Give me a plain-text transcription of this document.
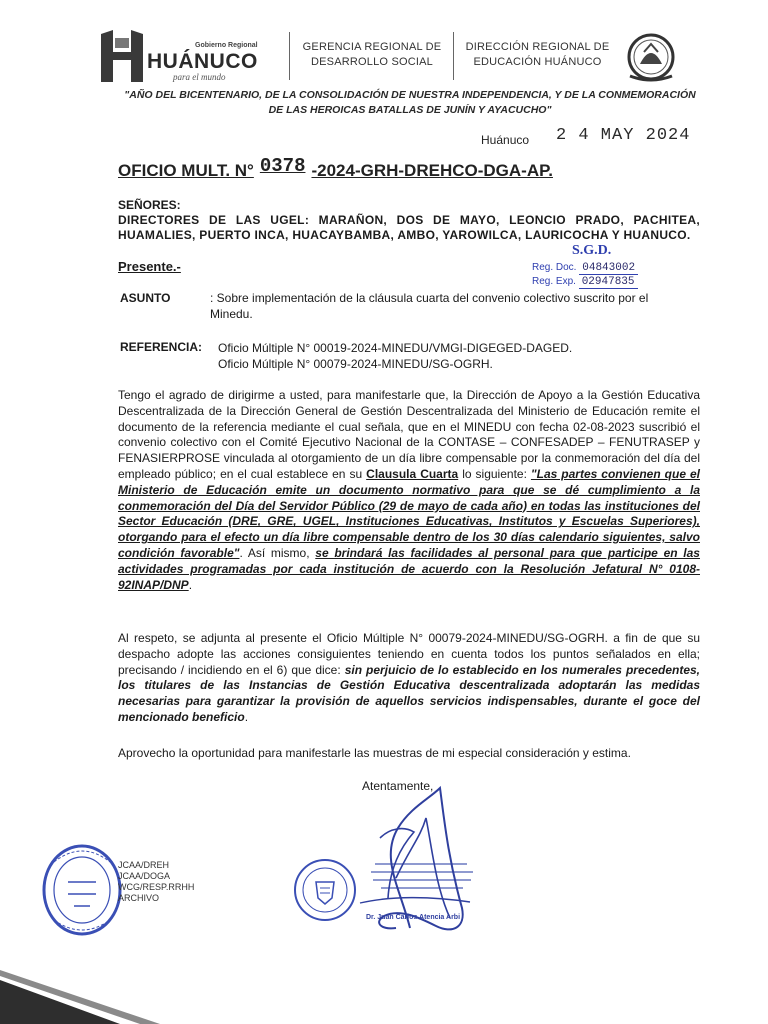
Gobierno Regional
HUÁNUCO
para el mundo
GERENCIA REGIONAL DE
DESARROLLO SOCIAL
DIRECCIÓN REGIONAL DE
EDUCACIÓN HUÁNUCO
"AÑO DEL BICENTENARIO, DE LA CONSOLIDACIÓN DE NUESTRA INDEPENDENCIA, Y DE LA CONMEMORACIÓN
DE LAS HEROICAS BATALLAS DE JUNÍN Y AYACUCHO"
Huánuco 2 4 MAY 2024
OFICIO MULT. N° 0378 -2024-GRH-DREHCO-DGA-AP.
SEÑORES:
DIRECTORES DE LAS UGEL: MARAÑON, DOS DE MAYO, LEONCIO PRADO, PACHITEA, HUAMALIES, PUERTO INCA, HUACAYBAMBA, AMBO, YAROWILCA, LAURICOCHA Y HUANUCO.
Presente.-
S.G.D.
Reg. Doc. 04843002
Reg. Exp. 02947835
ASUNTO	: Sobre implementación de la cláusula cuarta del convenio colectivo suscrito por el Minedu.
REFERENCIA: Oficio Múltiple N° 00019-2024-MINEDU/VMGI-DIGEGED-DAGED.
Oficio Múltiple N° 00079-2024-MINEDU/SG-OGRH.
Tengo el agrado de dirigirme a usted, para manifestarle que, la Dirección de Apoyo a la Gestión Educativa Descentralizada de la Dirección General de Gestión Descentralizada del Ministerio de Educación remite el documento de la referencia mediante el cual señala, que en el MINEDU con fecha 02-08-2023 suscribió el convenio colectivo con el Comité Ejecutivo Nacional de la CONTASE – CONFESADEP – FENUTRASEP y FENASIERPROSE vinculada al otorgamiento de un día libre compensable por la conmemoración del día del empleado público; en el cual establece en su Clausula Cuarta lo siguiente: "Las partes convienen que el Ministerio de Educación emite un documento normativo para que se dé cumplimiento a la conmemoración del Día del Servidor Público (29 de mayo de cada año) en todas las instituciones del Sector Educación (DRE, GRE, UGEL, Instituciones Educativas, Institutos y Escuelas Superiores), otorgando para el efecto un día libre compensable dentro de los 30 días calendario siguientes, salvo condición favorable". Así mismo, se brindará las facilidades al personal para que participe en las actividades programadas por cada institución de acuerdo con la Resolución Jefatural N° 0108-92INAP/DNP.
Al respeto, se adjunta al presente el Oficio Múltiple N° 00079-2024-MINEDU/SG-OGRH. a fin de que su despacho adopte las acciones consiguientes teniendo en cuenta todos los puntos señalados en ella; precisando / incidiendo en el 6) que dice: sin perjuicio de lo establecido en los numerales precedentes, los titulares de las Instancias de Gestión Educativa descentralizada adoptarán las medidas necesarias para garantizar la provisión de aquellos servicios indispensables, durante el goce del mencionado beneficio.
Aprovecho la oportunidad para manifestarle las muestras de mi especial consideración y estima.
Atentamente,
JCAA/DREH
JCAA/DOGA
WCG/RESP.RRHH
ARCHIVO
Dr. Juan Carlos Atencia Arbi
